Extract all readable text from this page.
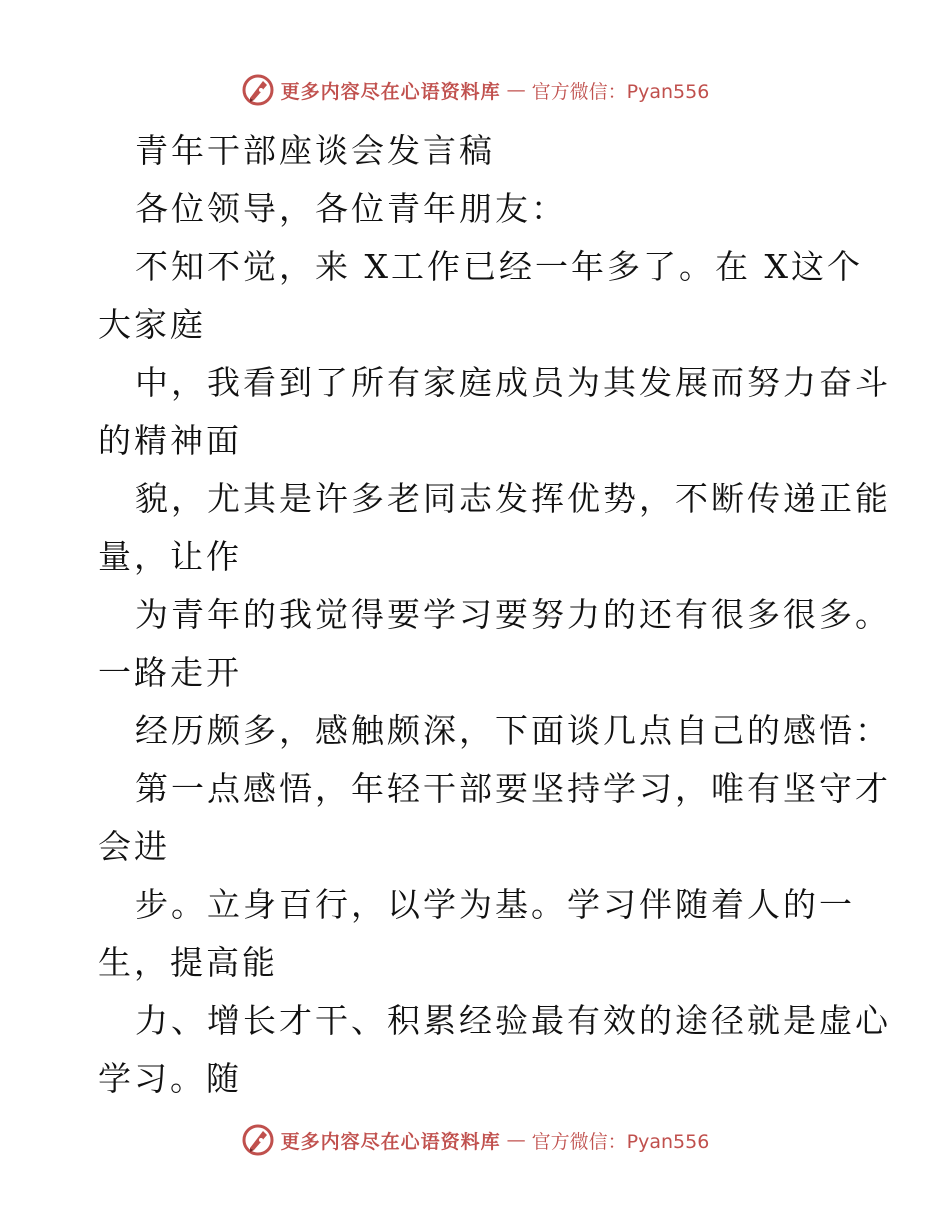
更多内容尽在心语资料库 — 官方微信：Pyan556
青年干部座谈会发言稿
各位领导，各位青年朋友：
不知不觉，来 X工作已经一年多了。在 X这个
大家庭
中，我看到了所有家庭成员为其发展而努力奋斗
的精神面
貌，尤其是许多老同志发挥优势，不断传递正能
量，让作
为青年的我觉得要学习要努力的还有很多很多。
一路走开
经历颇多，感触颇深，下面谈几点自己的感悟：
第一点感悟，年轻干部要坚持学习，唯有坚守才
会进
步。立身百行，以学为基。学习伴随着人的一
生，提高能
力、增长才干、积累经验最有效的途径就是虚心
学习。随
更多内容尽在心语资料库 — 官方微信：Pyan556
